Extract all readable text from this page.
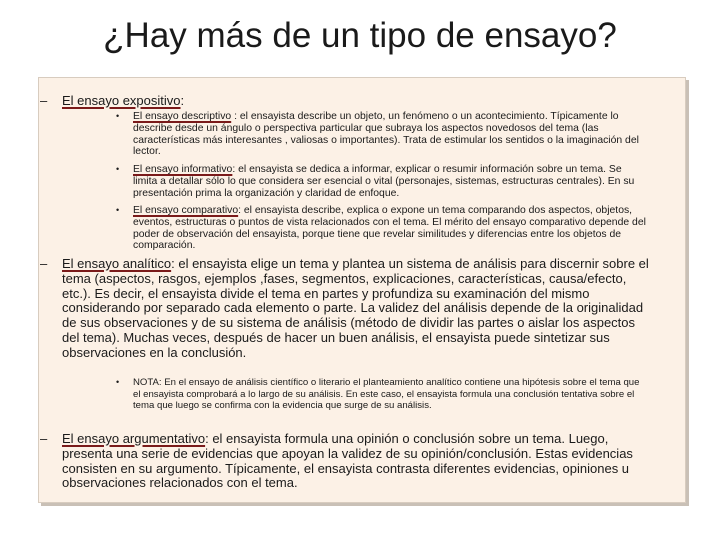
¿Hay más de un tipo de ensayo?
– El ensayo expositivo:
• El ensayo descriptivo : el ensayista describe un objeto, un fenómeno o un acontecimiento. Típicamente lo describe desde un ángulo o perspectiva particular que subraya los aspectos novedosos del tema (las características más interesantes , valiosas o importantes). Trata de estimular los sentidos o la imaginación del lector.
• El ensayo informativo: el ensayista se dedica a informar, explicar o resumir información sobre un tema. Se limita a detallar sólo lo que considera ser esencial o vital (personajes, sistemas, estructuras centrales). En su presentación prima la organización y claridad de enfoque.
• El ensayo comparativo: el ensayista describe, explica o expone un tema comparando dos aspectos, objetos, eventos, estructuras o puntos de vista relacionados con el tema. El mérito del ensayo comparativo depende del poder de observación del ensayista, porque tiene que revelar similitudes y diferencias entre los objetos de comparación.
– El ensayo analítico: el ensayista elige un tema y plantea un sistema de análisis para discernir sobre el tema (aspectos, rasgos, ejemplos ,fases, segmentos, explicaciones, características, causa/efecto, etc.). Es decir, el ensayista divide el tema en partes y profundiza su examinación del mismo considerando por separado cada elemento o parte. La validez del análisis depende de la originalidad de sus observaciones y de su sistema de análisis (método de dividir las partes o aislar los aspectos del tema). Muchas veces, después de hacer un buen análisis, el ensayista puede sintetizar sus observaciones en la conclusión.
• NOTA: En el ensayo de análisis científico o literario el planteamiento analítico contiene una hipótesis sobre el tema que el ensayista comprobará a lo largo de su análisis. En este caso, el ensayista formula una conclusión tentativa sobre el tema que luego se confirma con la evidencia que surge de su análisis.
– El ensayo argumentativo: el ensayista formula una opinión o conclusión sobre un tema. Luego, presenta una serie de evidencias que apoyan la validez de su opinión/conclusión. Estas evidencias consisten en su argumento. Típicamente, el ensayista contrasta diferentes evidencias, opiniones u observaciones relacionados con el tema.
